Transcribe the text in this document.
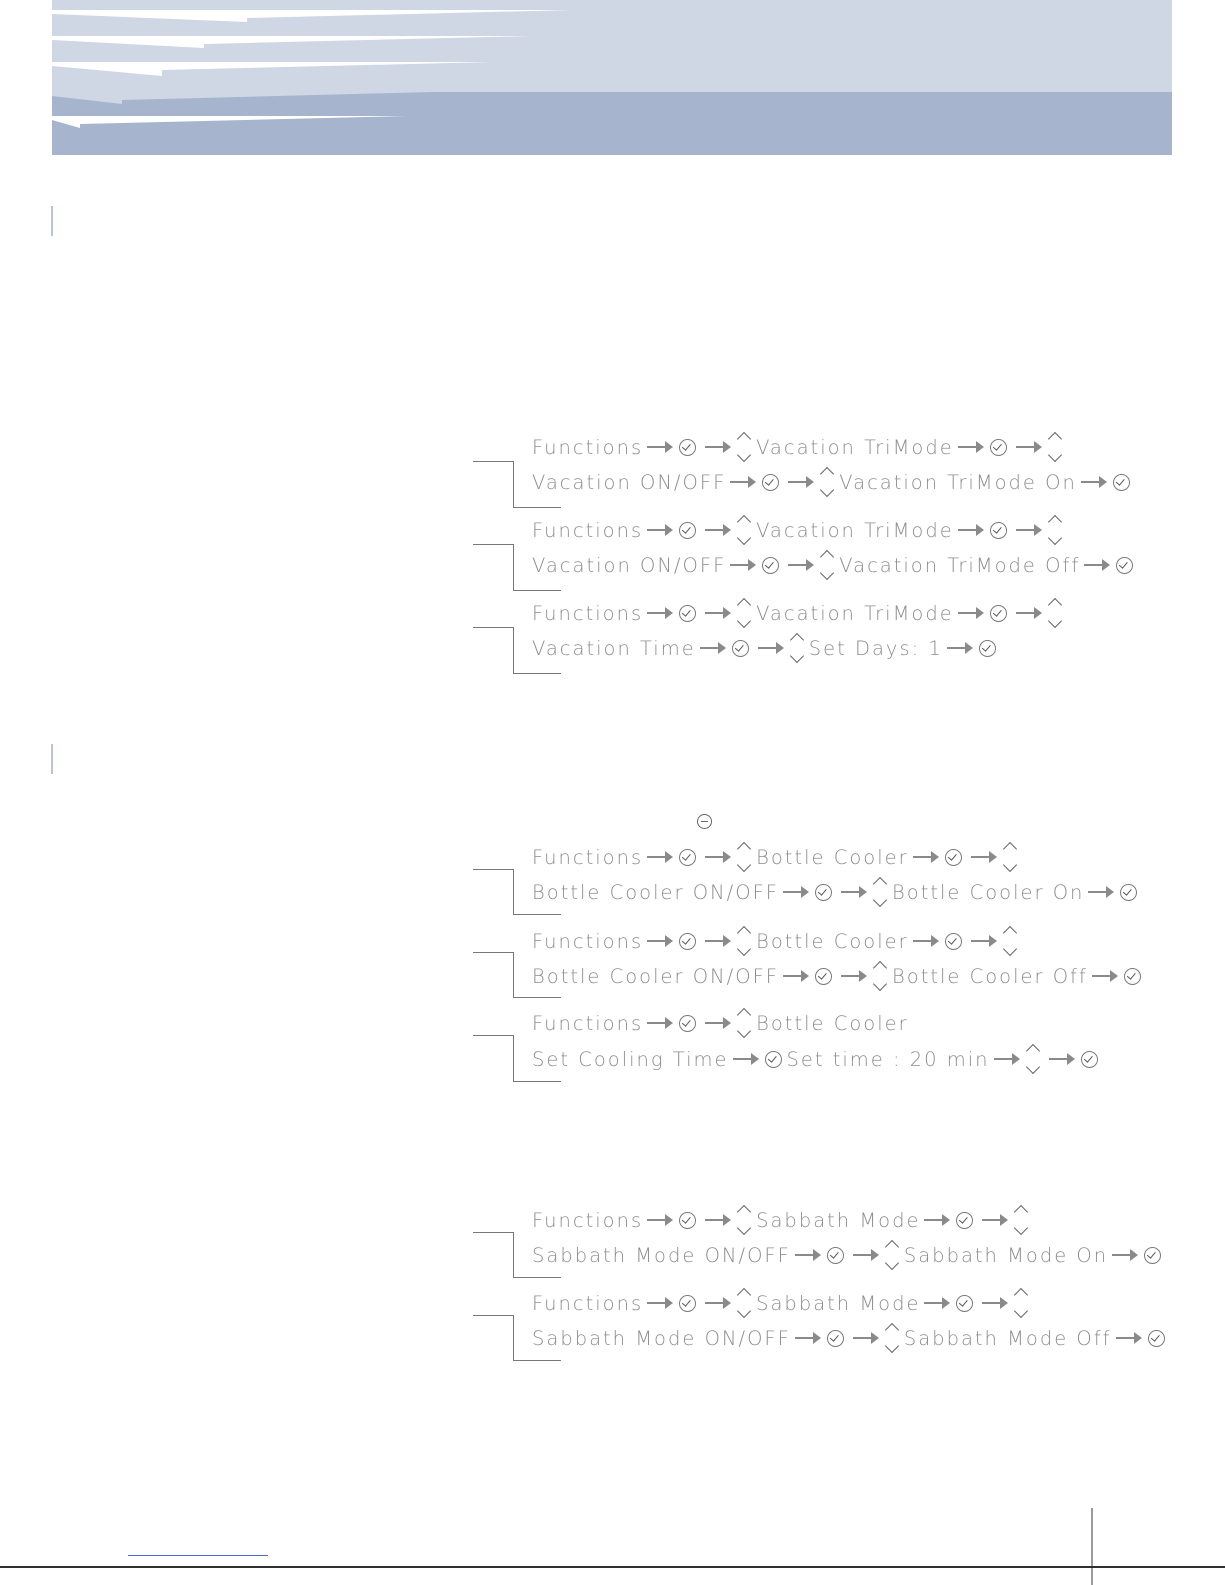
Functions	Vacation TriMode
Vacation ON/OFF	Vacation TriMode On
Functions	Vacation TriMode
Vacation ON/OFF	Vacation TriMode Off
Functions	Vacation TriMode
Vacation Time	Set Days: 1
Functions	Bottle Cooler
Bottle Cooler ON/OFF	Bottle Cooler On
Functions	Bottle Cooler
Bottle Cooler ON/OFF	Bottle Cooler Off
Functions	Bottle Cooler
Set Cooling Time	Set time : 20 min
Functions	Sabbath Mode
Sabbath Mode ON/OFF	Sabbath Mode On
Functions	Sabbath Mode
Sabbath Mode ON/OFF	Sabbath Mode Off
